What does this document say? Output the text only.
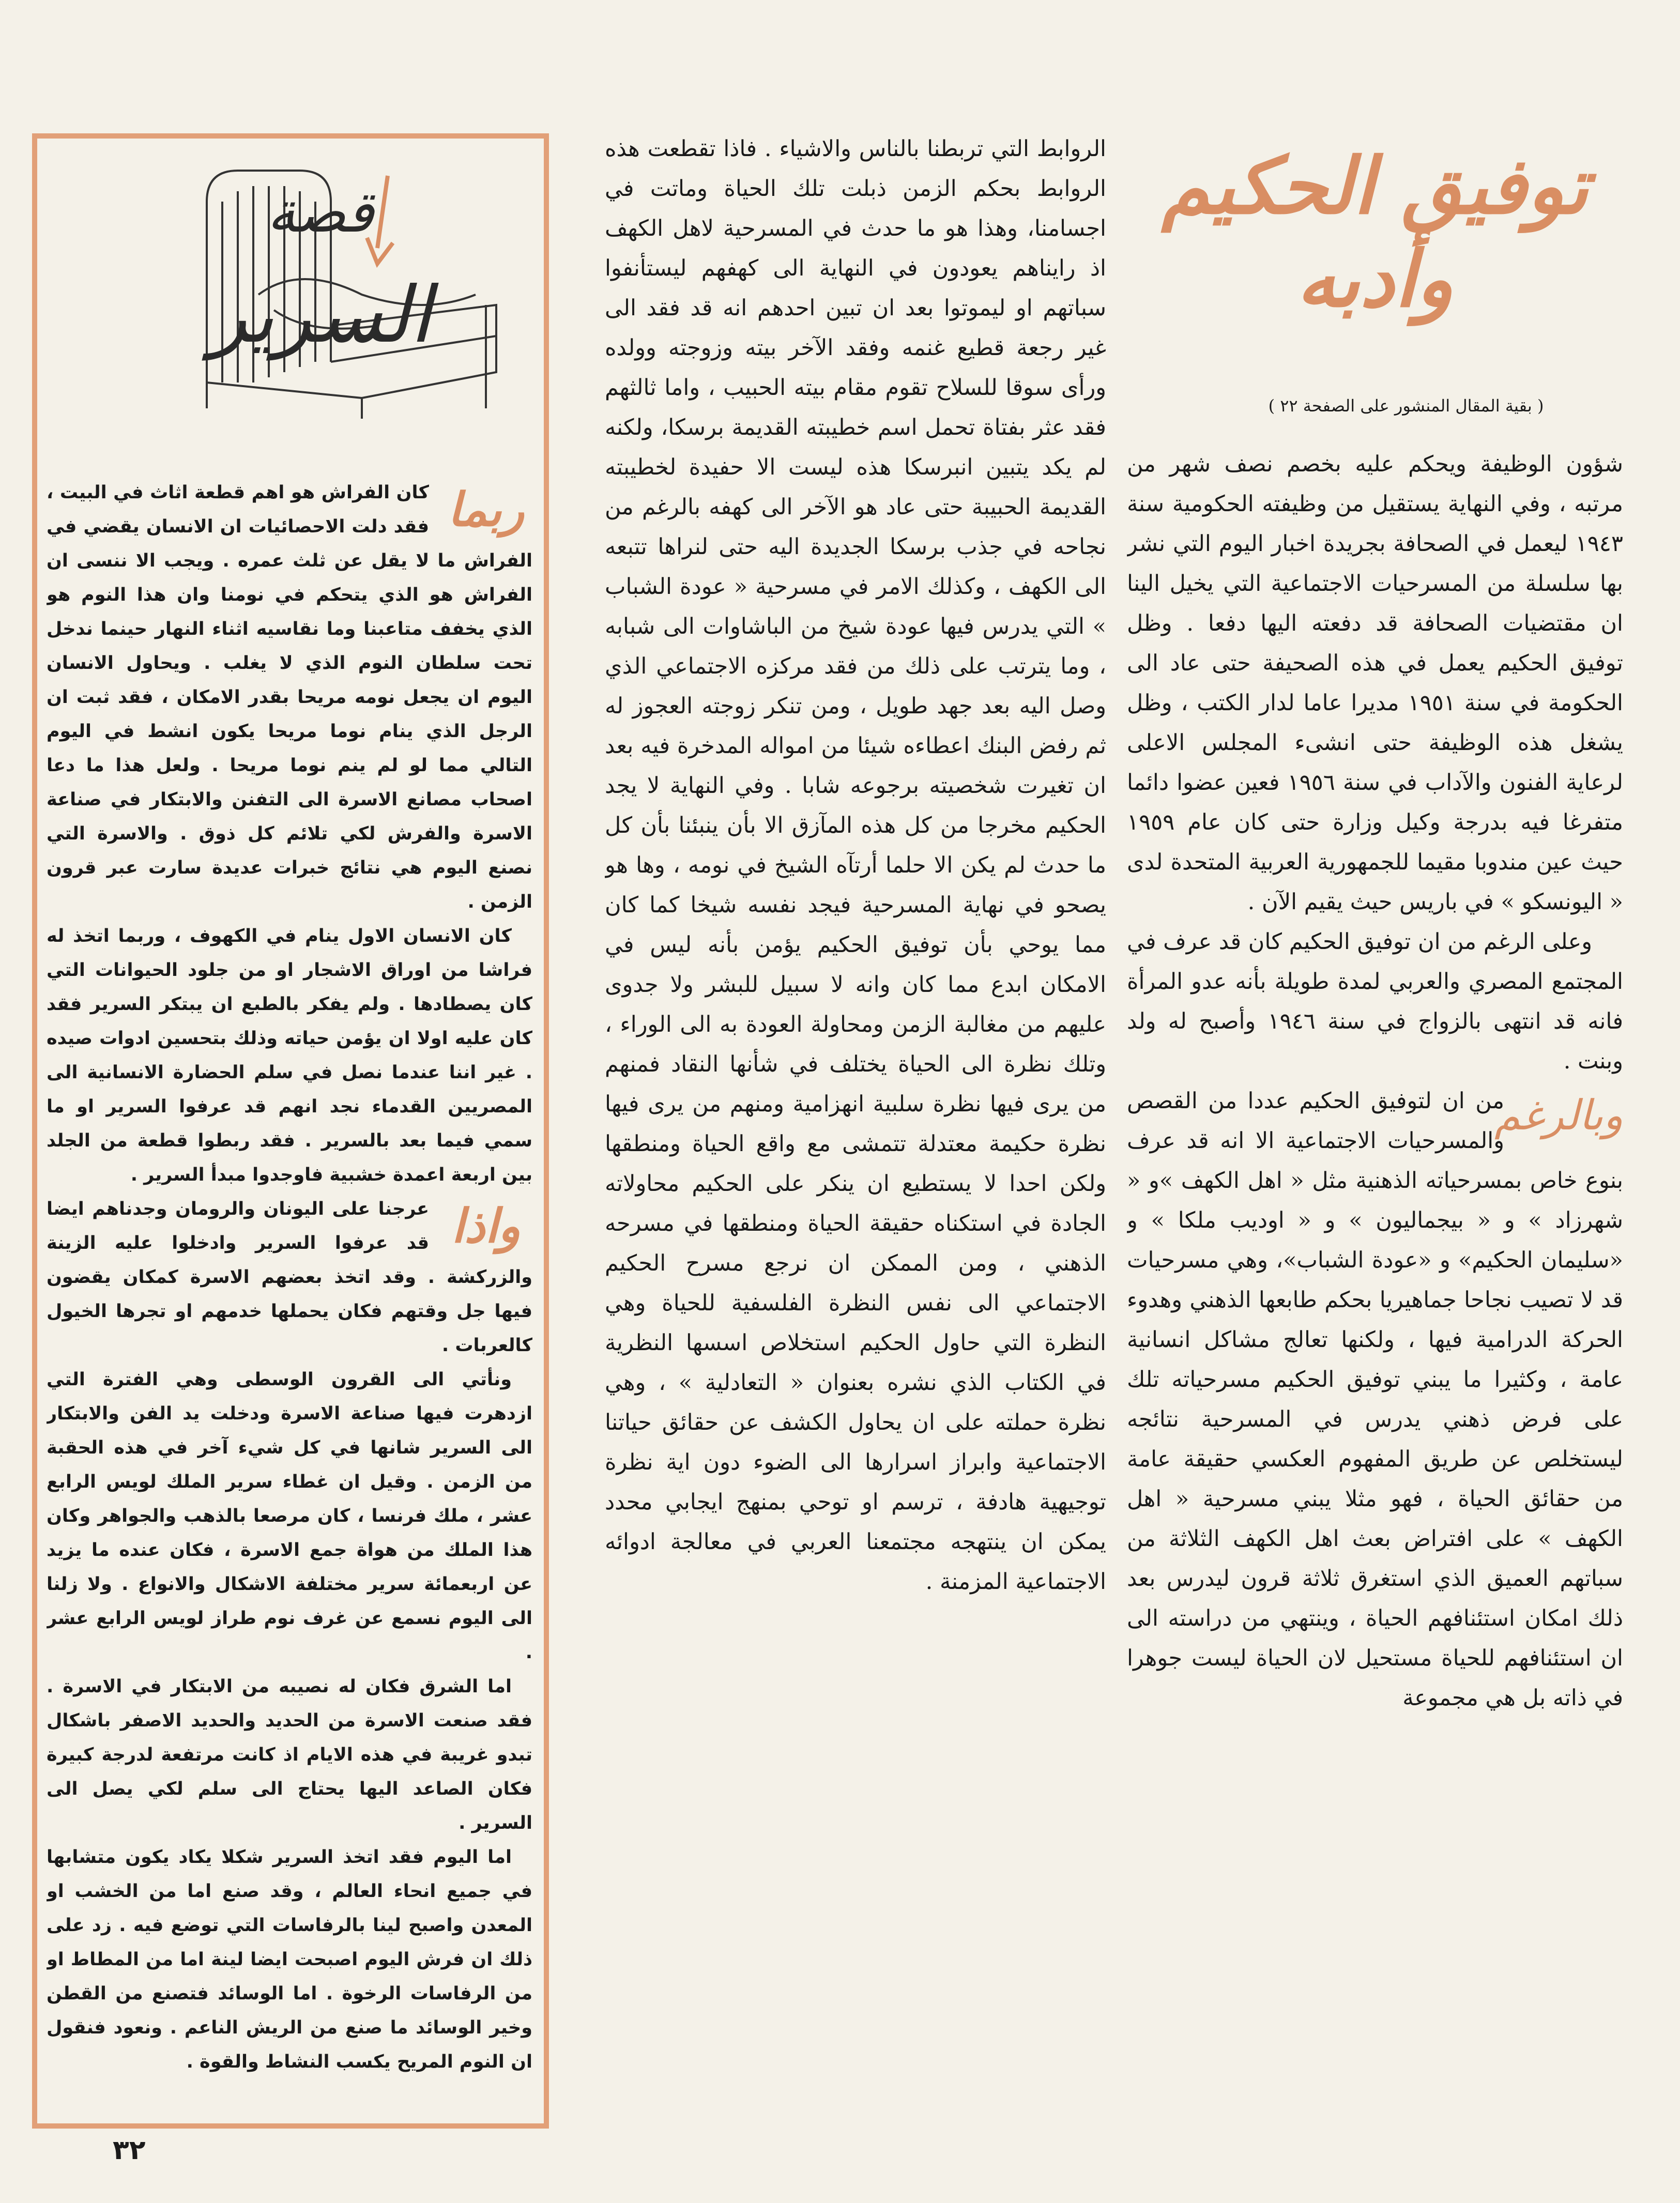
توفيق الحكيم وأدبه
( بقية المقال المنشور على الصفحة ٢٢ )

شؤون الوظيفة ويحكم عليه بخصم نصف شهر من مرتبه ، وفي النهاية يستقيل من وظيفته الحكومية سنة ١٩٤٣ ليعمل في الصحافة بجريدة اخبار اليوم التي نشر بها سلسلة من المسرحيات الاجتماعية التي يخيل الينا ان مقتضيات الصحافة قد دفعته اليها دفعا . وظل توفيق الحكيم يعمل في هذه الصحيفة حتى عاد الى الحكومة في سنة ١٩٥١ مديرا عاما لدار الكتب ، وظل يشغل هذه الوظيفة حتى انشىء المجلس الاعلى لرعاية الفنون والآداب في سنة ١٩٥٦ فعين عضوا دائما متفرغا فيه بدرجة وكيل وزارة حتى كان عام ١٩٥٩ حيث عين مندوبا مقيما للجمهورية العربية المتحدة لدى « اليونسكو » في باريس حيث يقيم الآن .

وعلى الرغم من ان توفيق الحكيم كان قد عرف في المجتمع المصري والعربي لمدة طويلة بأنه عدو المرأة فانه قد انتهى بالزواج في سنة ١٩٤٦ وأصبح له ولد وبنت .

وبالرغم
من ان لتوفيق الحكيم عددا من القصص والمسرحيات الاجتماعية الا انه قد عرف بنوع خاص بمسرحياته الذهنية مثل « اهل الكهف »و « شهرزاد » و « بيجماليون » و « اوديب ملكا » و «سليمان الحكيم» و «عودة الشباب»، وهي مسرحيات قد لا تصيب نجاحا جماهيريا بحكم طابعها الذهني وهدوء الحركة الدرامية فيها ، ولكنها تعالج مشاكل انسانية عامة ، وكثيرا ما يبني توفيق الحكيم مسرحياته تلك على فرض ذهني يدرس في المسرحية نتائجه ليستخلص عن طريق المفهوم العكسي حقيقة عامة من حقائق الحياة ، فهو مثلا يبني مسرحية « اهل الكهف » على افتراض بعث اهل الكهف الثلاثة من سباتهم العميق الذي استغرق ثلاثة قرون ليدرس بعد ذلك امكان استئنافهم الحياة ، وينتهي من دراسته الى ان استئنافهم للحياة مستحيل لان الحياة ليست جوهرا في ذاته بل هي مجموعة

الروابط التي تربطنا بالناس والاشياء . فاذا تقطعت هذه الروابط بحكم الزمن ذبلت تلك الحياة وماتت في اجسامنا، وهذا هو ما حدث في المسرحية لاهل الكهف اذ رايناهم يعودون في النهاية الى كهفهم ليستأنفوا سباتهم او ليموتوا بعد ان تبين احدهم انه قد فقد الى غير رجعة قطيع غنمه وفقد الآخر بيته وزوجته وولده ورأى سوقا للسلاح تقوم مقام بيته الحبيب ، واما ثالثهم فقد عثر بفتاة تحمل اسم خطيبته القديمة برسكا، ولكنه لم يكد يتبين انبرسكا هذه ليست الا حفيدة لخطيبته القديمة الحبيبة حتى عاد هو الآخر الى كهفه بالرغم من نجاحه في جذب برسكا الجديدة اليه حتى لنراها تتبعه الى الكهف ، وكذلك الامر في مسرحية « عودة الشباب » التي يدرس فيها عودة شيخ من الباشاوات الى شبابه ، وما يترتب على ذلك من فقد مركزه الاجتماعي الذي وصل اليه بعد جهد طويل ، ومن تنكر زوجته العجوز له ثم رفض البنك اعطاءه شيئا من امواله المدخرة فيه بعد ان تغيرت شخصيته برجوعه شابا . وفي النهاية لا يجد الحكيم مخرجا من كل هذه المآزق الا بأن ينبئنا بأن كل ما حدث لم يكن الا حلما أرتآه الشيخ في نومه ، وها هو يصحو في نهاية المسرحية فيجد نفسه شيخا كما كان مما يوحي بأن توفيق الحكيم يؤمن بأنه ليس في الامكان ابدع مما كان وانه لا سبيل للبشر ولا جدوى عليهم من مغالبة الزمن ومحاولة العودة به الى الوراء ، وتلك نظرة الى الحياة يختلف في شأنها النقاد فمنهم من يرى فيها نظرة سلبية انهزامية ومنهم من يرى فيها نظرة حكيمة معتدلة تتمشى مع واقع الحياة ومنطقها ولكن احدا لا يستطيع ان ينكر على الحكيم محاولاته الجادة في استكناه حقيقة الحياة ومنطقها في مسرحه الذهني ، ومن الممكن ان نرجع مسرح الحكيم الاجتماعي الى نفس النظرة الفلسفية للحياة وهي النظرة التي حاول الحكيم استخلاص اسسها النظرية في الكتاب الذي نشره بعنوان « التعادلية » ، وهي نظرة حملته على ان يحاول الكشف عن حقائق حياتنا الاجتماعية وابراز اسرارها الى الضوء دون اية نظرة توجيهية هادفة ، ترسم او توحي بمنهج ايجابي محدد يمكن ان ينتهجه مجتمعنا العربي في معالجة ادوائه الاجتماعية المزمنة .

قصة
السرير

ربما
كان الفراش هو اهم قطعة اثاث في البيت ، فقد دلت الاحصائيات ان الانسان يقضي في الفراش ما لا يقل عن ثلث عمره . ويجب الا ننسى ان الفراش هو الذي يتحكم في نومنا وان هذا النوم هو الذي يخفف متاعبنا وما نقاسيه اثناء النهار حينما ندخل تحت سلطان النوم الذي لا يغلب . ويحاول الانسان اليوم ان يجعل نومه مريحا بقدر الامكان ، فقد ثبت ان الرجل الذي ينام نوما مريحا يكون انشط في اليوم التالي مما لو لم ينم نوما مريحا . ولعل هذا ما دعا اصحاب مصانع الاسرة الى التفنن والابتكار في صناعة الاسرة والفرش لكي تلائم كل ذوق . والاسرة التي نصنع اليوم هي نتائج خبرات عديدة سارت عبر قرون الزمن .

كان الانسان الاول ينام في الكهوف ، وربما اتخذ له فراشا من اوراق الاشجار او من جلود الحيوانات التي كان يصطادها . ولم يفكر بالطبع ان يبتكر السرير فقد كان عليه اولا ان يؤمن حياته وذلك بتحسين ادوات صيده . غير اننا عندما نصل في سلم الحضارة الانسانية الى المصريين القدماء نجد انهم قد عرفوا السرير او ما سمي فيما بعد بالسرير . فقد ربطوا قطعة من الجلد بين اربعة اعمدة خشبية فاوجدوا مبدأ السرير .

واذا
عرجنا على اليونان والرومان وجدناهم ايضا قد عرفوا السرير وادخلوا عليه الزينة والزركشة . وقد اتخذ بعضهم الاسرة كمكان يقضون فيها جل وقتهم فكان يحملها خدمهم او تجرها الخيول كالعربات .

ونأتي الى القرون الوسطى وهي الفترة التي ازدهرت فيها صناعة الاسرة ودخلت يد الفن والابتكار الى السرير شانها في كل شيء آخر في هذه الحقبة من الزمن . وقيل ان غطاء سرير الملك لويس الرابع عشر ، ملك فرنسا ، كان مرصعا بالذهب والجواهر وكان هذا الملك من هواة جمع الاسرة ، فكان عنده ما يزيد عن اربعمائة سرير مختلفة الاشكال والانواع . ولا زلنا الى اليوم نسمع عن غرف نوم طراز لويس الرابع عشر .

اما الشرق فكان له نصيبه من الابتكار في الاسرة . فقد صنعت الاسرة من الحديد والحديد الاصفر باشكال تبدو غريبة في هذه الايام اذ كانت مرتفعة لدرجة كبيرة فكان الصاعد اليها يحتاج الى سلم لكي يصل الى السرير .

اما اليوم فقد اتخذ السرير شكلا يكاد يكون متشابها في جميع انحاء العالم ، وقد صنع اما من الخشب او المعدن واصبح لينا بالرفاسات التي توضع فيه . زد على ذلك ان فرش اليوم اصبحت ايضا لينة اما من المطاط او من الرفاسات الرخوة . اما الوسائد فتصنع من القطن وخير الوسائد ما صنع من الريش الناعم . ونعود فنقول ان النوم المريح يكسب النشاط والقوة .

٣٢
